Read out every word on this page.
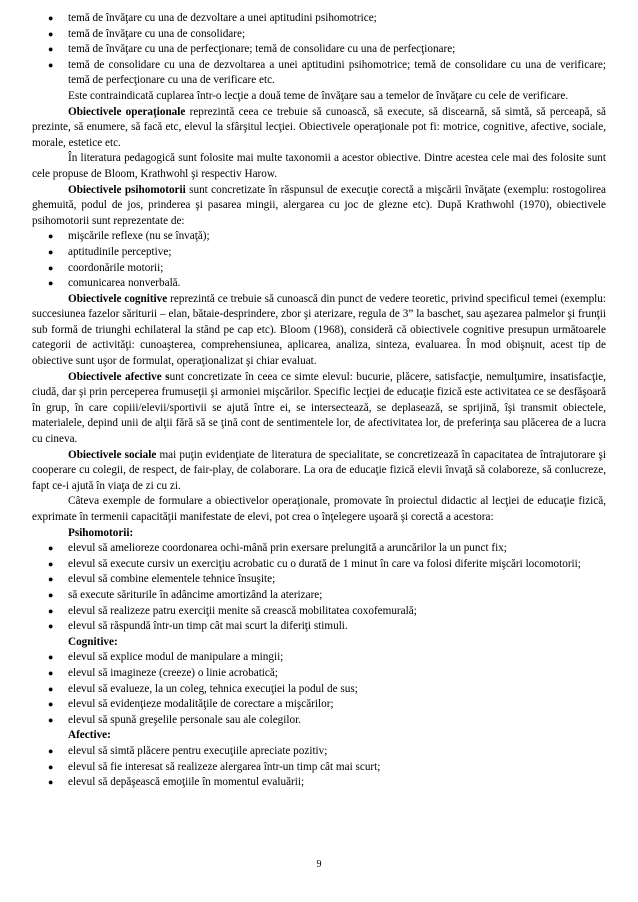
● temă de învăţare cu una de dezvoltare a unei aptitudini psihomotrice;
● temă de învăţare cu una de consolidare;
● temă de învăţare cu una de perfecţionare; temă de consolidare cu una de perfecţionare;
● temă de consolidare cu una de dezvoltarea a unei aptitudini psihomotrice; temă de consolidare cu una de verificare; temă de perfecţionare cu una de verificare etc.

Este contraindicată cuplarea într-o lecţie a două teme de învăţare sau a temelor de învăţare cu cele de verificare.

Obiectivele operaţionale reprezintă ceea ce trebuie să cunoască, să execute, să discearnă, să simtă, să perceapă, să prezinte, să enumere, să facă etc, elevul la sfârşitul lecţiei. Obiectivele operaţionale pot fi: motrice, cognitive, afective, sociale, morale, estetice etc.

În literatura pedagogică sunt folosite mai multe taxonomii a acestor obiective. Dintre acestea cele mai des folosite sunt cele propuse de Bloom, Krathwohl şi respectiv Harow.

Obiectivele psihomotorii sunt concretizate în răspunsul de execuţie corectă a mişcării învăţate (exemplu: rostogolirea ghemuită, podul de jos, prinderea şi pasarea mingii, alergarea cu joc de glezne etc). După Krathwohl (1970), obiectivele psihomotorii sunt reprezentate de:

● mişcările reflexe (nu se învaţă);
● aptitudinile perceptive;
● coordonările motorii;
● comunicarea nonverbală.

Obiectivele cognitive reprezintă ce trebuie să cunoască din punct de vedere teoretic, privind specificul temei (exemplu: succesiunea fazelor săriturii – elan, bătaie-desprindere, zbor şi aterizare, regula de 3” la baschet, sau aşezarea palmelor şi frunţii sub formă de triunghi echilateral la stând pe cap etc). Bloom (1968), consideră că obiectivele cognitive presupun următoarele categorii de activităţi: cunoaşterea, comprehensiunea, aplicarea, analiza, sinteza, evaluarea. În mod obişnuit, acest tip de obiective sunt uşor de formulat, operaţionalizat şi chiar evaluat.

Obiectivele afective sunt concretizate în ceea ce simte elevul: bucurie, plăcere, satisfacţie, nemulţumire, insatisfacţie, ciudă, dar şi prin perceperea frumuseţii şi armoniei mişcărilor. Specific lecţiei de educaţie fizică este activitatea ce se desfăşoară în grup, în care copiii/elevii/sportivii se ajută între ei, se intersectează, se deplasează, se sprijină, îşi transmit obiectele, materialele, depind unii de alţii fără să se ţină cont de sentimentele lor, de afectivitatea lor, de preferinţa sau plăcerea de a lucra cu cineva.

Obiectivele sociale mai puţin evidenţiate de literatura de specialitate, se concretizează în capacitatea de întrajutorare şi cooperare cu colegii, de respect, de fair-play, de colaborare. La ora de educaţie fizică elevii învaţă să colaboreze, să conlucreze, fapt ce-i ajută în viaţa de zi cu zi.

Câteva exemple de formulare a obiectivelor operaţionale, promovate în proiectul didactic al lecţiei de educaţie fizică, exprimate în termenii capacităţii manifestate de elevi, pot crea o înţelegere uşoară şi corectă a acestora:

Psihomotorii:

● elevul să amelioreze coordonarea ochi-mână prin exersare prelungită a aruncărilor la un punct fix;
● elevul să execute cursiv un exerciţiu acrobatic cu o durată de 1 minut în care va folosi diferite mişcări locomotorii;
● elevul să combine elementele tehnice însuşite;
● să execute săriturile în adâncime amortizând la aterizare;
● elevul să realizeze patru exerciţii menite să crească mobilitatea coxofemurală;
● elevul să răspundă într-un timp cât mai scurt la diferiţi stimuli.

Cognitive:

● elevul să explice modul de manipulare a mingii;
● elevul să imagineze (creeze) o linie acrobatică;
● elevul să evalueze, la un coleg, tehnica execuţiei la podul de sus;
● elevul să evidenţieze modalităţile de corectare a mişcărilor;
● elevul să spună greşelile personale sau ale colegilor.

Afective:

● elevul să simtă plăcere pentru execuţiile apreciate pozitiv;
● elevul să fie interesat să realizeze alergarea într-un timp cât mai scurt;
● elevul să depăşească emoţiile în momentul evaluării;
9
